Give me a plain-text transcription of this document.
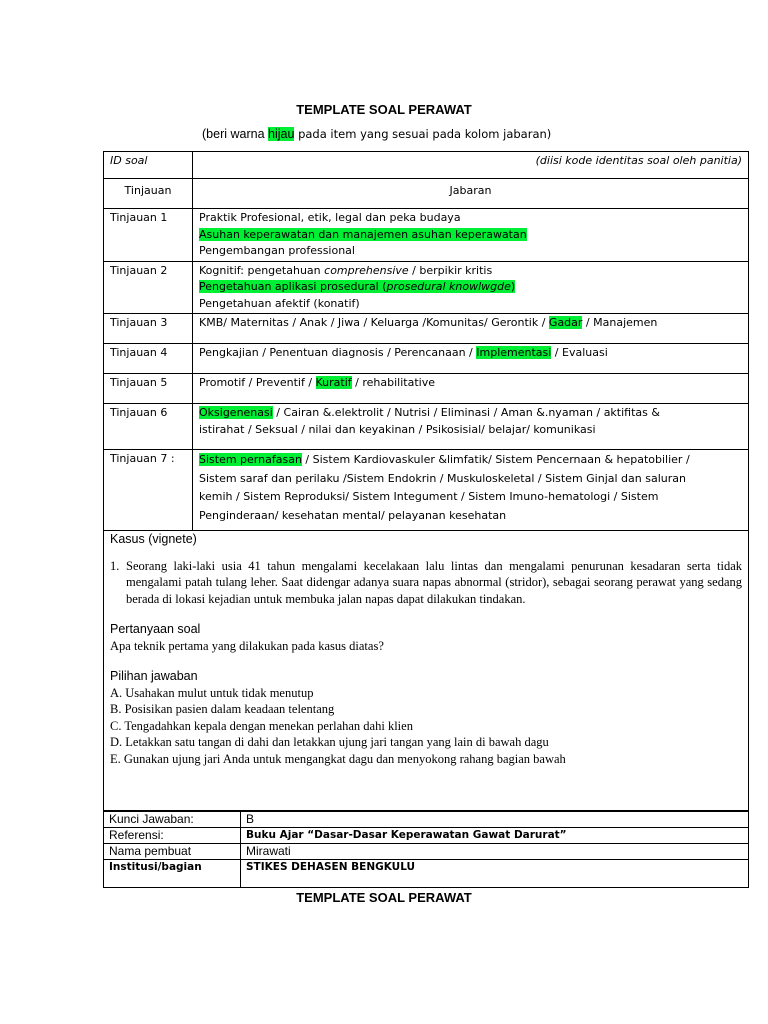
TEMPLATE SOAL PERAWAT
(beri warna hijau pada item yang sesuai pada kolom jabaran)
ID soal	(diisi kode identitas soal oleh panitia)
Tinjauan	Jabaran
Tinjauan 1	Praktik Profesional, etik, legal dan peka budaya
Asuhan keperawatan dan manajemen asuhan keperawatan
Pengembangan professional

Tinjauan 2	Kognitif: pengetahuan comprehensive / berpikir kritis
Pengetahuan aplikasi prosedural (prosedural knowlwgde)
Pengetahuan afektif (konatif)

Tinjauan 3	KMB/ Maternitas / Anak / Jiwa / Keluarga /Komunitas/ Gerontik / Gadar / Manajemen
Tinjauan 4	Pengkajian / Penentuan diagnosis / Perencanaan / Implementasi / Evaluasi
Tinjauan 5	Promotif / Preventif / Kuratif / rehabilitative
Tinjauan 6	Oksigenenasi / Cairan &.elektrolit / Nutrisi / Eliminasi / Aman &.nyaman / aktifitas &
istirahat / Seksual / nilai dan keyakinan / Psikosisial/ belajar/ komunikasi

Tinjauan 7 :	Sistem pernafasan / Sistem Kardiovaskuler &limfatik/ Sistem Pencernaan & hepatobilier /
Sistem saraf dan perilaku /Sistem Endokrin / Muskuloskeletal / Sistem Ginjal dan saluran
kemih / Sistem Reproduksi/ Sistem Integument / Sistem Imuno-hematologi / Sistem
Penginderaan/ kesehatan mental/ pelayanan kesehatan
Kasus (vignete)
1. Seorang laki-laki usia 41 tahun mengalami kecelakaan lalu lintas dan mengalami penurunan kesadaran serta tidak mengalami patah tulang leher. Saat didengar adanya suara napas abnormal (stridor), sebagai seorang perawat yang sedang berada di lokasi kejadian untuk membuka jalan napas dapat dilakukan tindakan.
Pertanyaan soal
Apa teknik pertama yang dilakukan pada kasus diatas?
Pilihan jawaban
A. Usahakan mulut untuk tidak menutup
B. Posisikan pasien dalam keadaan telentang
C. Tengadahkan kepala dengan menekan perlahan dahi klien
D. Letakkan satu tangan di dahi dan letakkan ujung jari tangan yang lain di bawah dagu
E. Gunakan ujung jari Anda untuk mengangkat dagu dan menyokong rahang bagian bawah
Kunci Jawaban:	B
Referensi:	Buku Ajar “Dasar-Dasar Keperawatan Gawat Darurat”
Nama pembuat	Mirawati
Institusi/bagian	STIKES DEHASEN BENGKULU
TEMPLATE SOAL PERAWAT
